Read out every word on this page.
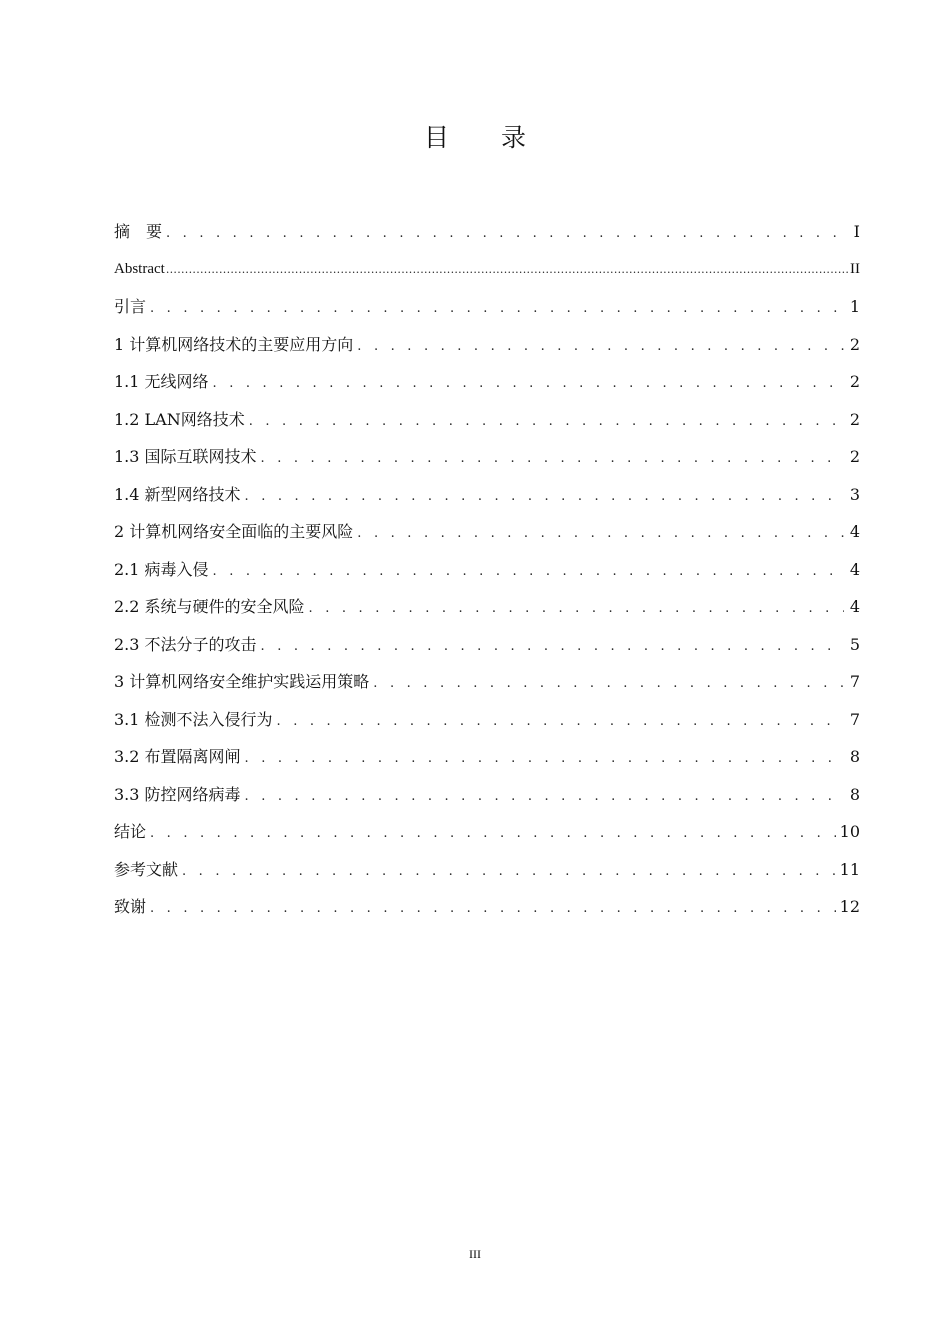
目 录
摘　要 . . .	I
Abstract .....	II
引言 . . .	1
1 计算机网络技术的主要应用方向 . . .	2
1.1 无线网络 . . .	2
1.2 LAN网络技术 . . .	2
1.3 国际互联网技术 . . .	2
1.4 新型网络技术 . . .	3
2 计算机网络安全面临的主要风险 . . .	4
2.1 病毒入侵 . . .	4
2.2 系统与硬件的安全风险 . . .	4
2.3 不法分子的攻击 . . .	5
3 计算机网络安全维护实践运用策略 . . .	7
3.1 检测不法入侵行为 . . .	7
3.2 布置隔离网闸 . . .	8
3.3 防控网络病毒 . . .	8
结论 . . .	10
参考文献 . . .	11
致谢 . . .	12
III
